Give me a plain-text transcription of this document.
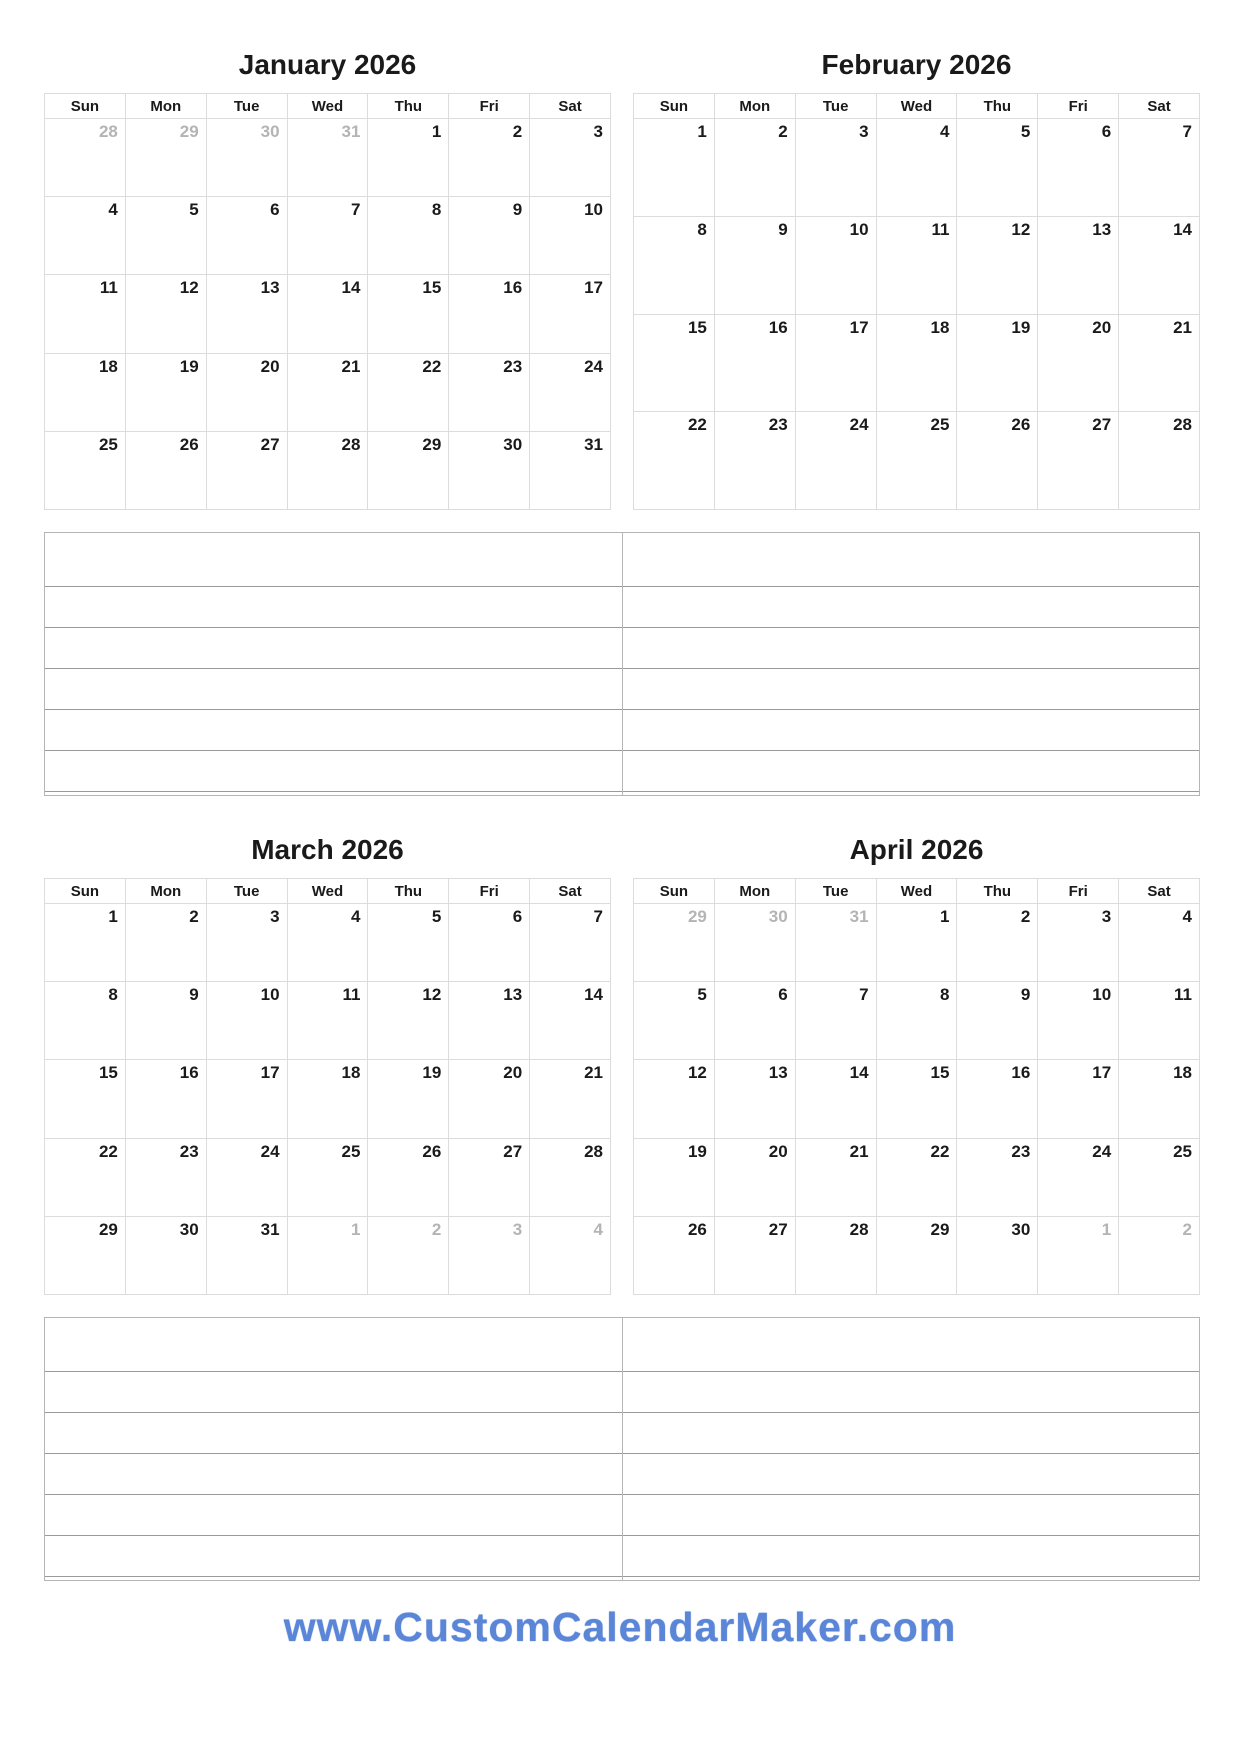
January 2026
Sun	Mon	Tue	Wed	Thu	Fri	Sat
28	29	30	31	1	2	3
4	5	6	7	8	9	10
11	12	13	14	15	16	17
18	19	20	21	22	23	24
25	26	27	28	29	30	31
February 2026
Sun	Mon	Tue	Wed	Thu	Fri	Sat
1	2	3	4	5	6	7
8	9	10	11	12	13	14
15	16	17	18	19	20	21
22	23	24	25	26	27	28
March 2026
Sun	Mon	Tue	Wed	Thu	Fri	Sat
1	2	3	4	5	6	7
8	9	10	11	12	13	14
15	16	17	18	19	20	21
22	23	24	25	26	27	28
29	30	31	1	2	3	4
April 2026
Sun	Mon	Tue	Wed	Thu	Fri	Sat
29	30	31	1	2	3	4
5	6	7	8	9	10	11
12	13	14	15	16	17	18
19	20	21	22	23	24	25
26	27	28	29	30	1	2
www.CustomCalendarMaker.com
